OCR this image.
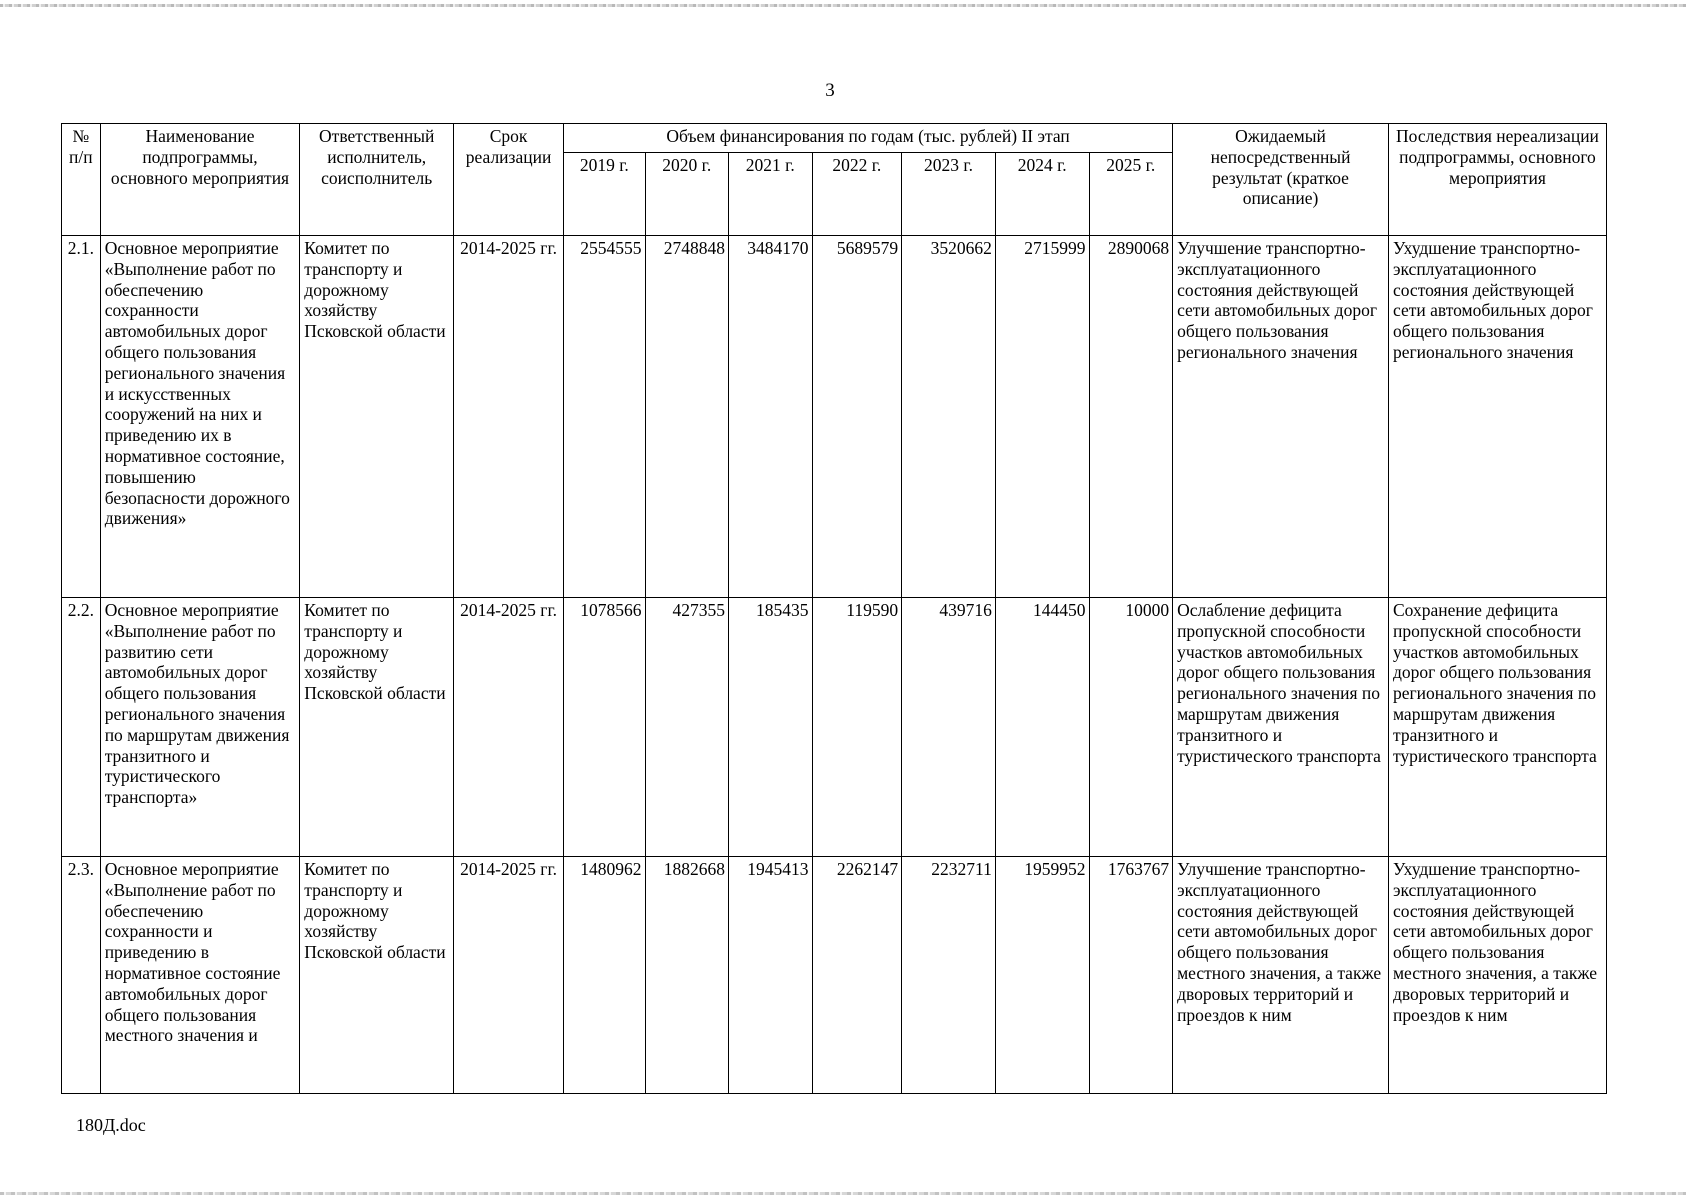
3
№ п/п	Наименование подпрограммы, основного мероприятия	Ответственный исполнитель, соисполнитель	Срок реализации	Объем финансирования по годам (тыс. рублей) II этап							Ожидаемый непосредственный результат (краткое описание)	Последствия нереализации подпрограммы, основного мероприятия
				2019 г.	2020 г.	2021 г.	2022 г.	2023 г.	2024 г.	2025 г.		
2.1.	Основное мероприятие «Выполнение работ по обеспечению сохранности автомобильных дорог общего пользования регионального значения и искусственных сооружений на них и приведению их в нормативное состояние, повышению безопасности дорожного движения»	Комитет по транспорту и дорожному хозяйству Псковской области	2014-2025 гг.	2554555	2748848	3484170	5689579	3520662	2715999	2890068	Улучшение транспортно-эксплуатационного состояния действующей сети автомобильных дорог общего пользования регионального значения	Ухудшение транспортно-эксплуатационного состояния действующей сети автомобильных дорог общего пользования регионального значения
2.2.	Основное мероприятие «Выполнение работ по развитию сети автомобильных дорог общего пользования регионального значения по маршрутам движения транзитного и туристического транспорта»	Комитет по транспорту и дорожному хозяйству Псковской области	2014-2025 гг.	1078566	427355	185435	119590	439716	144450	10000	Ослабление дефицита пропускной способности участков автомобильных дорог общего пользования регионального значения по маршрутам движения транзитного и туристического транспорта	Сохранение дефицита пропускной способности участков автомобильных дорог общего пользования регионального значения по маршрутам движения транзитного и туристического транспорта
2.3.	Основное мероприятие «Выполнение работ по обеспечению сохранности и приведению в нормативное состояние автомобильных дорог общего пользования местного значения и	Комитет по транспорту и дорожному хозяйству Псковской области	2014-2025 гг.	1480962	1882668	1945413	2262147	2232711	1959952	1763767	Улучшение транспортно-эксплуатационного состояния действующей сети автомобильных дорог общего пользования местного значения, а также дворовых территорий и проездов к ним	Ухудшение транспортно-эксплуатационного состояния действующей сети автомобильных дорог общего пользования местного значения, а также дворовых территорий и проездов к ним
180Д.doc
